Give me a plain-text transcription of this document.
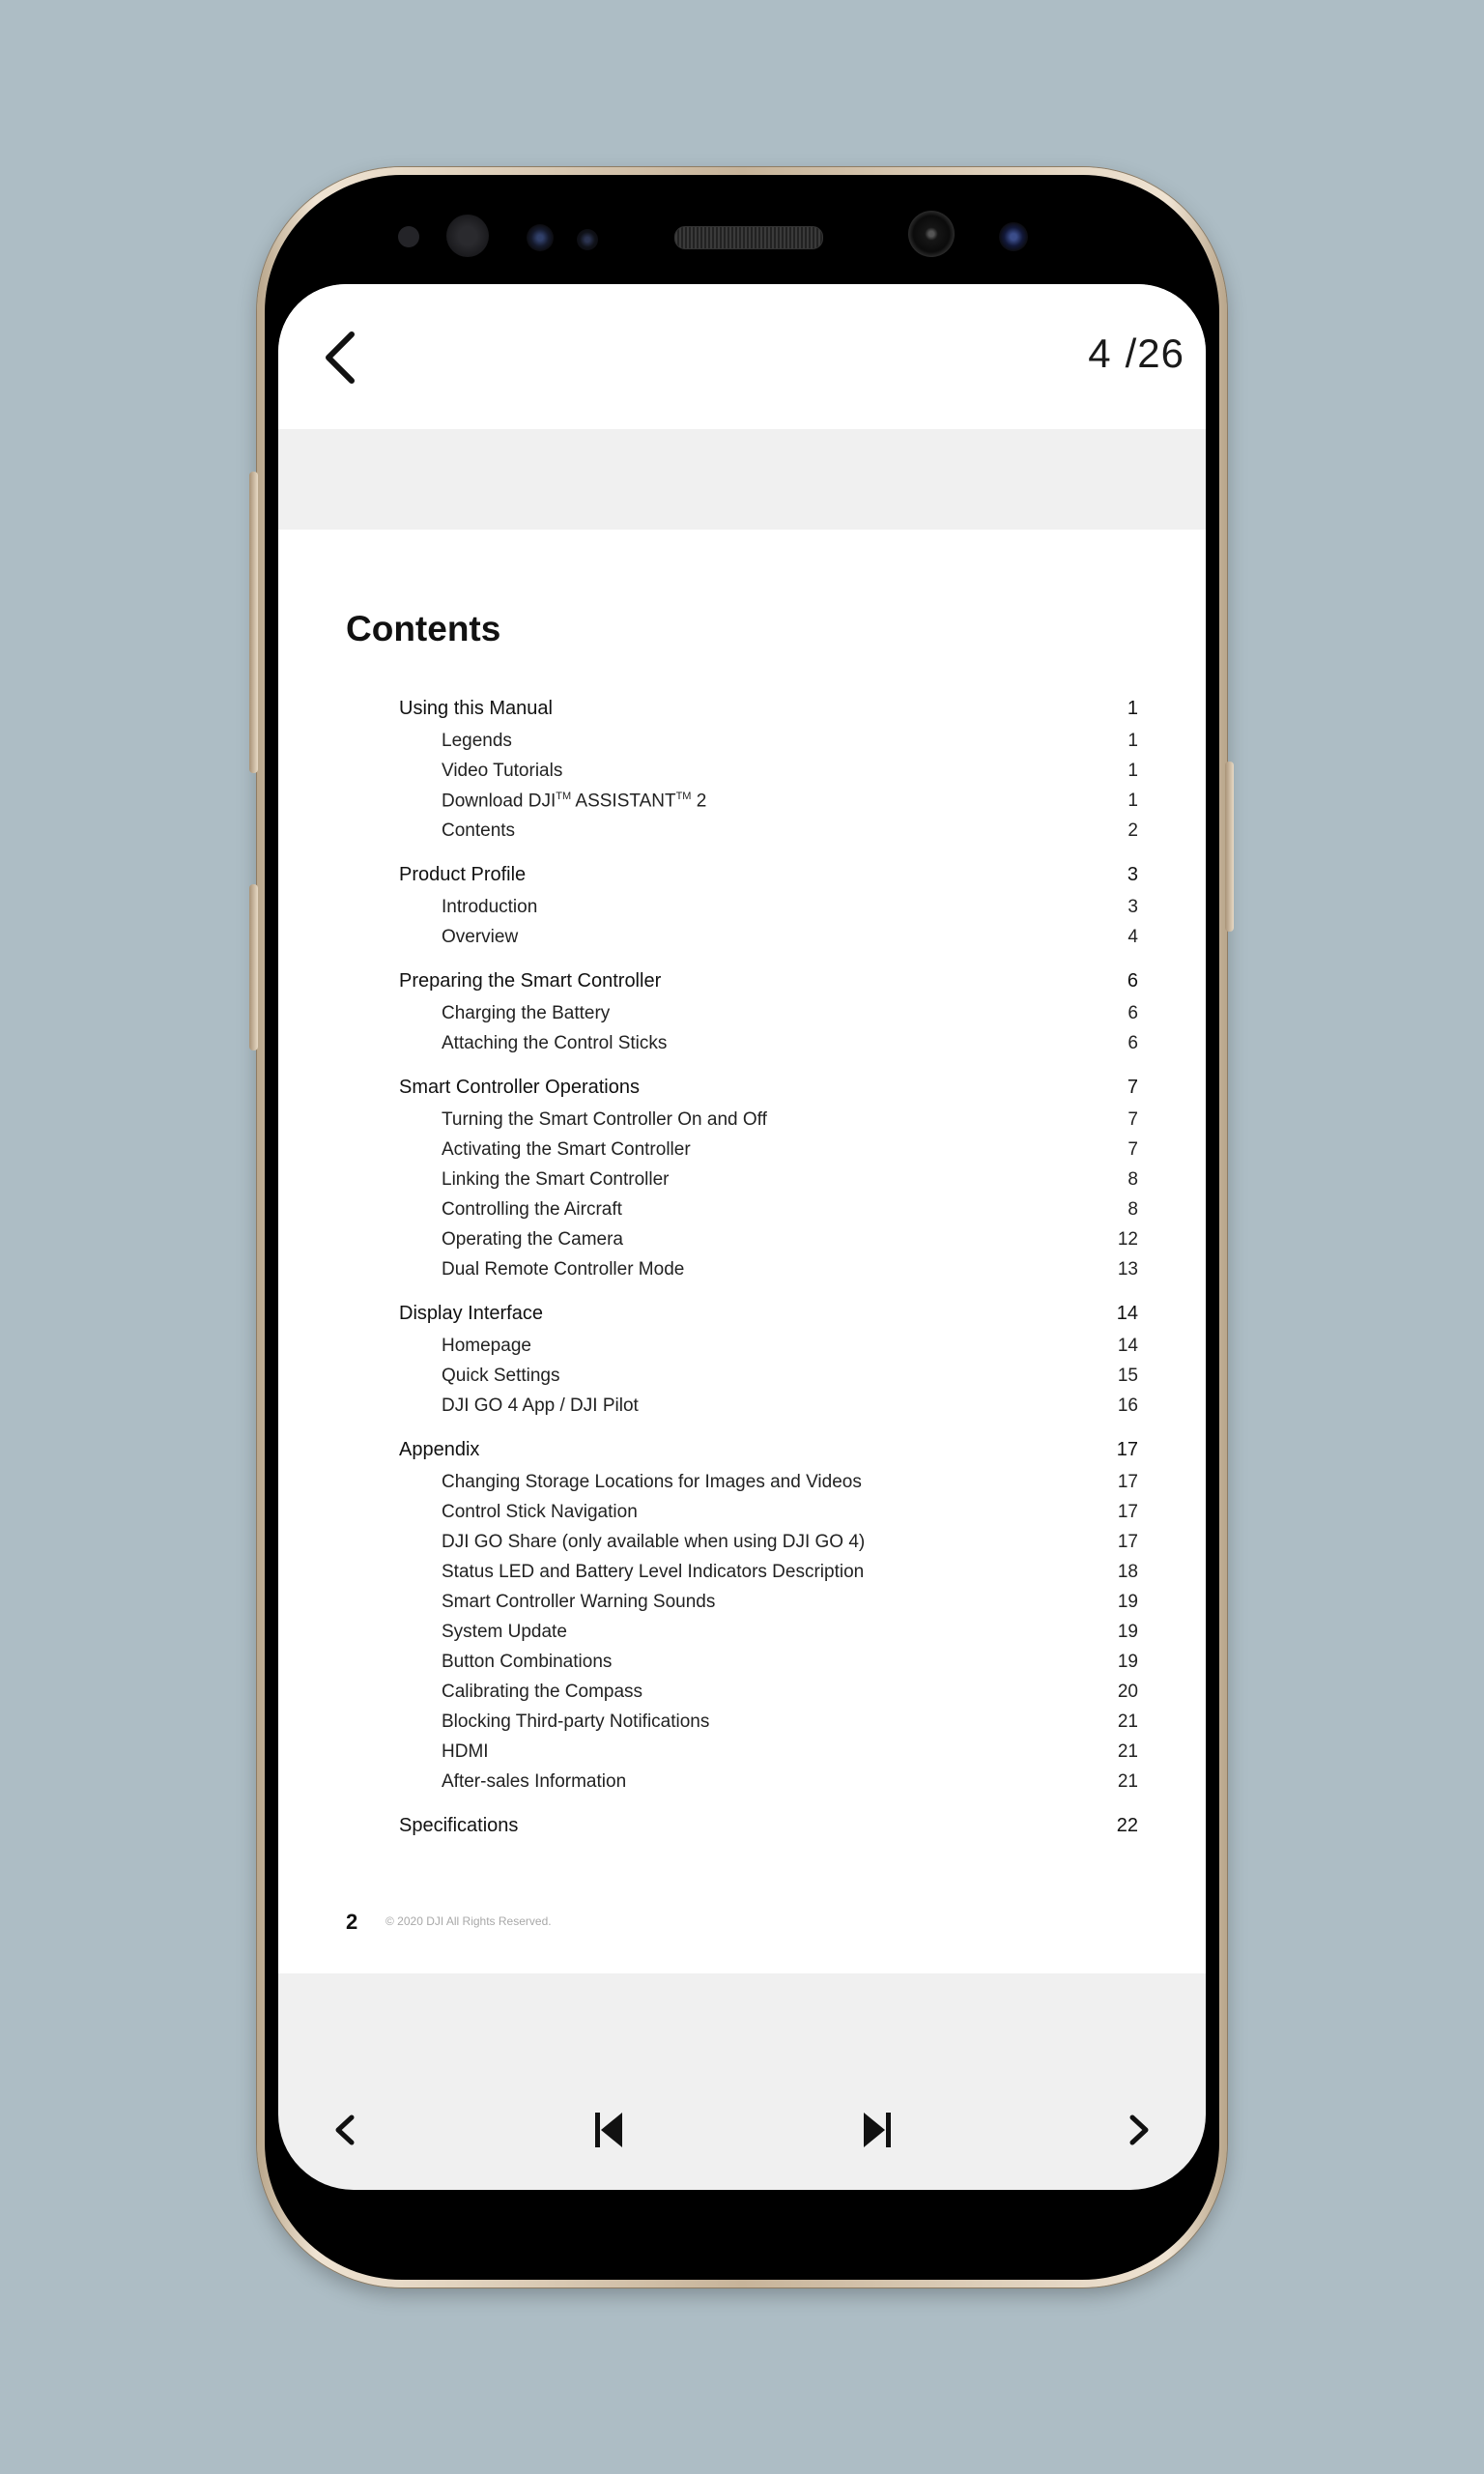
4 /26
Contents
Using this Manual	1
Legends	1
Video Tutorials	1
Download DJI™ ASSISTANT™ 2	1
Contents	2
Product Profile	3
Introduction	3
Overview	4
Preparing the Smart Controller	6
Charging the Battery	6
Attaching the Control Sticks	6
Smart Controller Operations	7
Turning the Smart Controller On and Off	7
Activating the Smart Controller	7
Linking the Smart Controller	8
Controlling the Aircraft	8
Operating the Camera	12
Dual Remote Controller Mode	13
Display Interface	14
Homepage	14
Quick Settings	15
DJI GO 4 App / DJI Pilot	16
Appendix	17
Changing Storage Locations for Images and Videos	17
Control Stick Navigation	17
DJI GO Share (only available when using DJI GO 4)	17
Status LED and Battery Level Indicators Description	18
Smart Controller Warning Sounds	19
System Update	19
Button Combinations	19
Calibrating the Compass	20
Blocking Third-party Notifications	21
HDMI	21
After-sales Information	21
Specifications	22
2 © 2020 DJI All Rights Reserved.
